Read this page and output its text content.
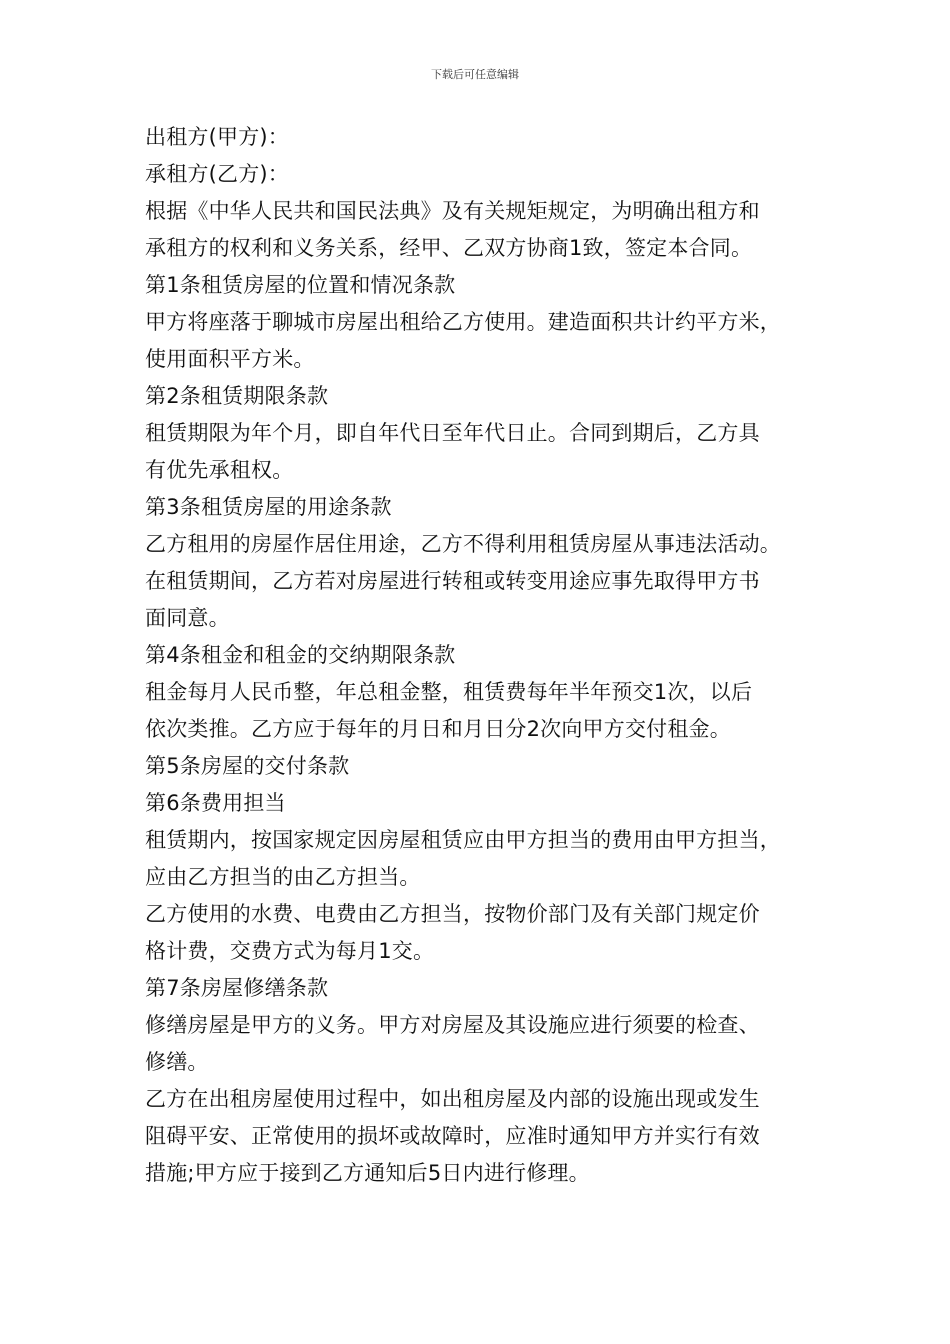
下载后可任意编辑
出租方(甲方)：
承租方(乙方)：
根据《中华人民共和国民法典》及有关规矩规定，为明确出租方和
承租方的权利和义务关系，经甲、乙双方协商1致，签定本合同。
第1条租赁房屋的位置和情况条款
甲方将座落于聊城市房屋出租给乙方使用。建造面积共计约平方米，
使用面积平方米。
第2条租赁期限条款
租赁期限为年个月，即自年代日至年代日止。合同到期后，乙方具
有优先承租权。
第3条租赁房屋的用途条款
乙方租用的房屋作居住用途，乙方不得利用租赁房屋从事违法活动。
在租赁期间，乙方若对房屋进行转租或转变用途应事先取得甲方书
面同意。
第4条租金和租金的交纳期限条款
租金每月人民币整，年总租金整，租赁费每年半年预交1次，以后
依次类推。乙方应于每年的月日和月日分2次向甲方交付租金。
第5条房屋的交付条款
第6条费用担当
租赁期内，按国家规定因房屋租赁应由甲方担当的费用由甲方担当，
应由乙方担当的由乙方担当。
乙方使用的水费、电费由乙方担当，按物价部门及有关部门规定价
格计费，交费方式为每月1交。
第7条房屋修缮条款
修缮房屋是甲方的义务。甲方对房屋及其设施应进行须要的检查、
修缮。
乙方在出租房屋使用过程中，如出租房屋及内部的设施出现或发生
阻碍平安、正常使用的损坏或故障时，应准时通知甲方并实行有效
措施;甲方应于接到乙方通知后5日内进行修理。
